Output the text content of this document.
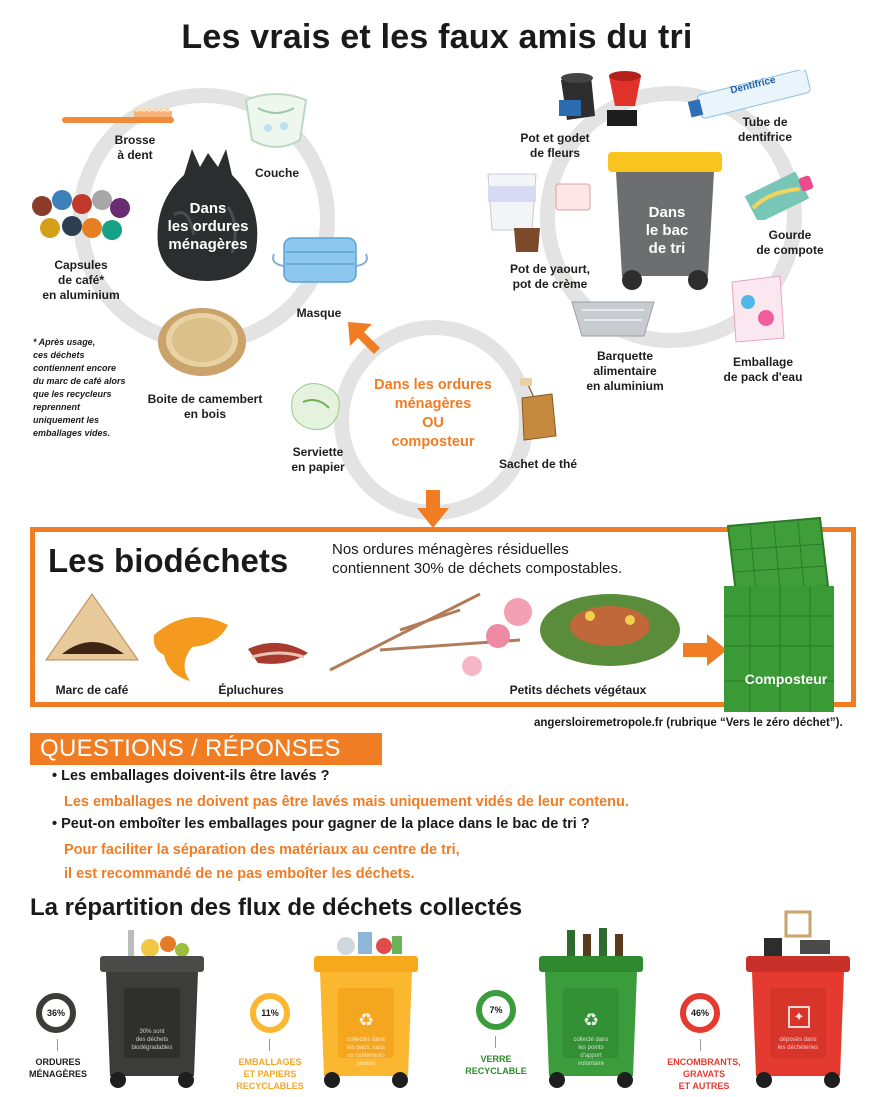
Les vrais et les faux amis du tri
Brosse
à dent
Couche
Dans
les ordures
ménagères
Capsules
de café*
en aluminium
Masque
Boite de camembert
en bois
* Après usage,
ces déchets
contiennent encore
du marc de café alors
que les recycleurs
reprennent
uniquement les
emballages vides.
Pot et godet
de fleurs
Dentifrice
Tube de
dentifrice
Dans
le bac
de tri
Gourde
de compote
Pot de yaourt,
pot de crème
Barquette
alimentaire
en aluminium
Emballage
de pack d'eau
Dans les ordures
ménagères
OU
composteur
Serviette
en papier	Sachet de thé
Les biodéchets	Nos ordures ménagères résiduelles
contiennent 30% de déchets compostables.
Marc de café	Épluchures	Petits déchets végétaux
Composteur
angersloiremetropole.fr (rubrique “Vers le zéro déchet”).
QUESTIONS / RÉPONSES
• Les emballages doivent-ils être lavés ?
Les emballages ne doivent pas être lavés mais uniquement vidés de leur contenu.
• Peut-on emboîter les emballages pour gagner de la place dans le bac de tri ?
Pour faciliter la séparation des matériaux au centre de tri,
il est recommandé de ne pas emboîter les déchets.
La répartition des flux de déchets collectés
36%
ORDURES
MÉNAGÈRES
30% sont
des déchets
biodégradables
11%
EMBALLAGES
ET PAPIERS
RECYCLABLES
♻
collectés dans
les bacs, sacs
ou conteneurs
jaunes
7%
VERRE
RECYCLABLE
♻
collecté dans
les points
d'apport
volontaire
46%
ENCOMBRANTS,
GRAVATS
ET AUTRES
✦
déposés dans
les déchèteries
